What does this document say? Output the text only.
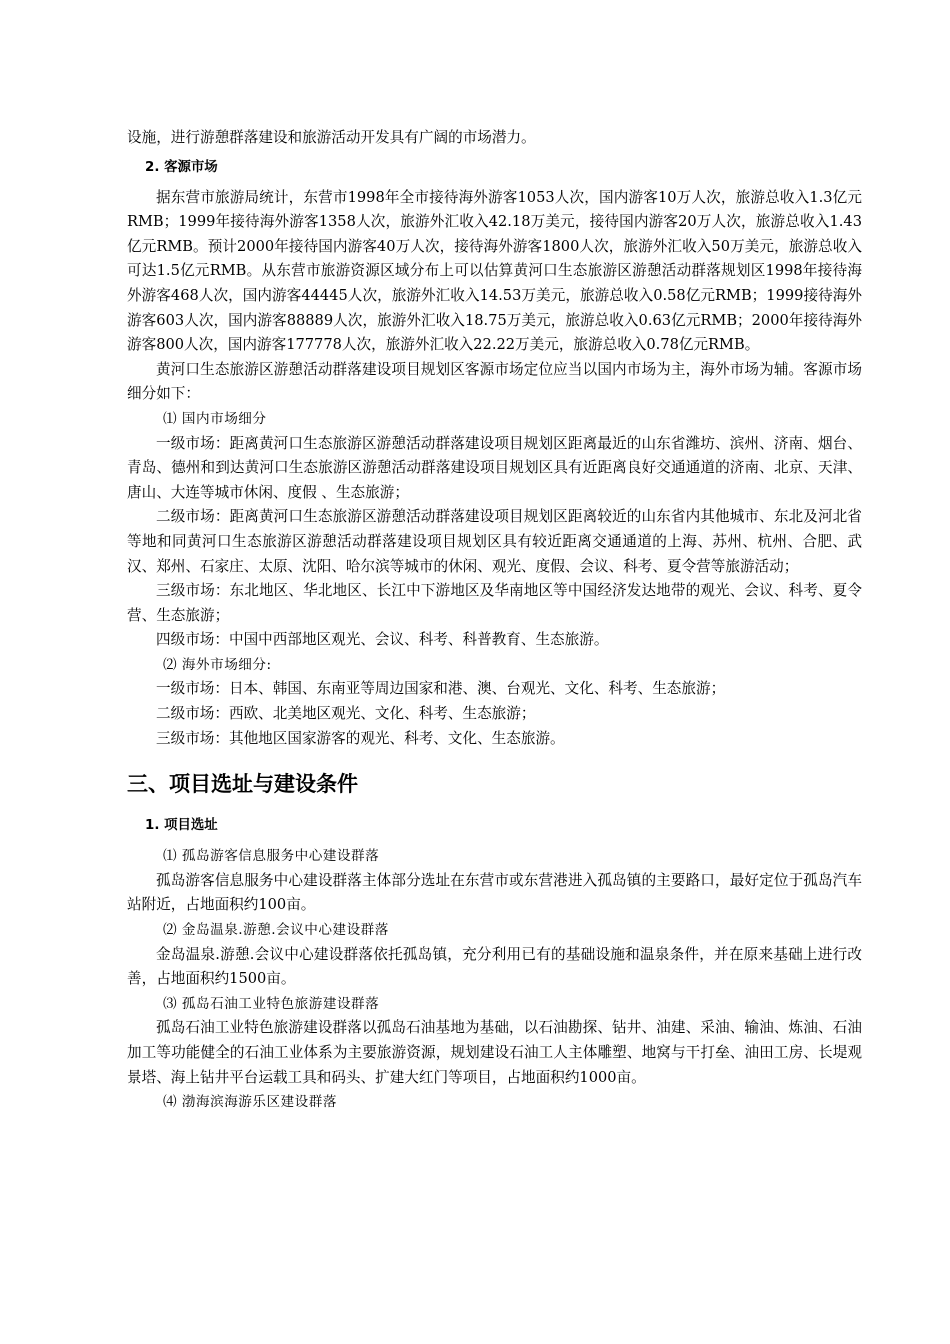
设施，进行游憩群落建设和旅游活动开发具有广阔的市场潜力。

2. 客源市场

据东营市旅游局统计，东营市1998年全市接待海外游客1053人次，国内游客10万人次，旅游总收入1.3亿元RMB；1999年接待海外游客1358人次，旅游外汇收入42.18万美元，接待国内游客20万人次，旅游总收入1.43亿元RMB。预计2000年接待国内游客40万人次，接待海外游客1800人次，旅游外汇收入50万美元，旅游总收入可达1.5亿元RMB。从东营市旅游资源区域分布上可以估算黄河口生态旅游区游憩活动群落规划区1998年接待海外游客468人次，国内游客44445人次，旅游外汇收入14.53万美元，旅游总收入0.58亿元RMB；1999接待海外游客603人次，国内游客88889人次，旅游外汇收入18.75万美元，旅游总收入0.63亿元RMB；2000年接待海外游客800人次，国内游客177778人次，旅游外汇收入22.22万美元，旅游总收入0.78亿元RMB。

黄河口生态旅游区游憩活动群落建设项目规划区客源市场定位应当以国内市场为主，海外市场为辅。客源市场细分如下：

⑴ 国内市场细分

一级市场：距离黄河口生态旅游区游憩活动群落建设项目规划区距离最近的山东省潍坊、滨州、济南、烟台、青岛、德州和到达黄河口生态旅游区游憩活动群落建设项目规划区具有近距离良好交通通道的济南、北京、天津、唐山、大连等城市休闲、度假 、生态旅游；

二级市场：距离黄河口生态旅游区游憩活动群落建设项目规划区距离较近的山东省内其他城市、东北及河北省等地和同黄河口生态旅游区游憩活动群落建设项目规划区具有较近距离交通通道的上海、苏州、杭州、合肥、武汉、郑州、石家庄、太原、沈阳、哈尔滨等城市的休闲、观光、度假、会议、科考、夏令营等旅游活动；

三级市场：东北地区、华北地区、长江中下游地区及华南地区等中国经济发达地带的观光、会议、科考、夏令营、生态旅游；

四级市场：中国中西部地区观光、会议、科考、科普教育、生态旅游。

⑵ 海外市场细分:

一级市场：日本、韩国、东南亚等周边国家和港、澳、台观光、文化、科考、生态旅游；

二级市场：西欧、北美地区观光、文化、科考、生态旅游；

三级市场：其他地区国家游客的观光、科考、文化、生态旅游。

三、项目选址与建设条件
1. 项目选址

⑴ 孤岛游客信息服务中心建设群落

孤岛游客信息服务中心建设群落主体部分选址在东营市或东营港进入孤岛镇的主要路口，最好定位于孤岛汽车站附近，占地面积约100亩。

⑵ 金岛温泉.游憩.会议中心建设群落

金岛温泉.游憩.会议中心建设群落依托孤岛镇，充分利用已有的基础设施和温泉条件，并在原来基础上进行改善，占地面积约1500亩。

⑶ 孤岛石油工业特色旅游建设群落

孤岛石油工业特色旅游建设群落以孤岛石油基地为基础，以石油勘探、钻井、油建、采油、输油、炼油、石油加工等功能健全的石油工业体系为主要旅游资源，规划建设石油工人主体雕塑、地窝与干打垒、油田工房、长堤观景塔、海上钻井平台运载工具和码头、扩建大红门等项目，占地面积约1000亩。

⑷ 渤海滨海游乐区建设群落
